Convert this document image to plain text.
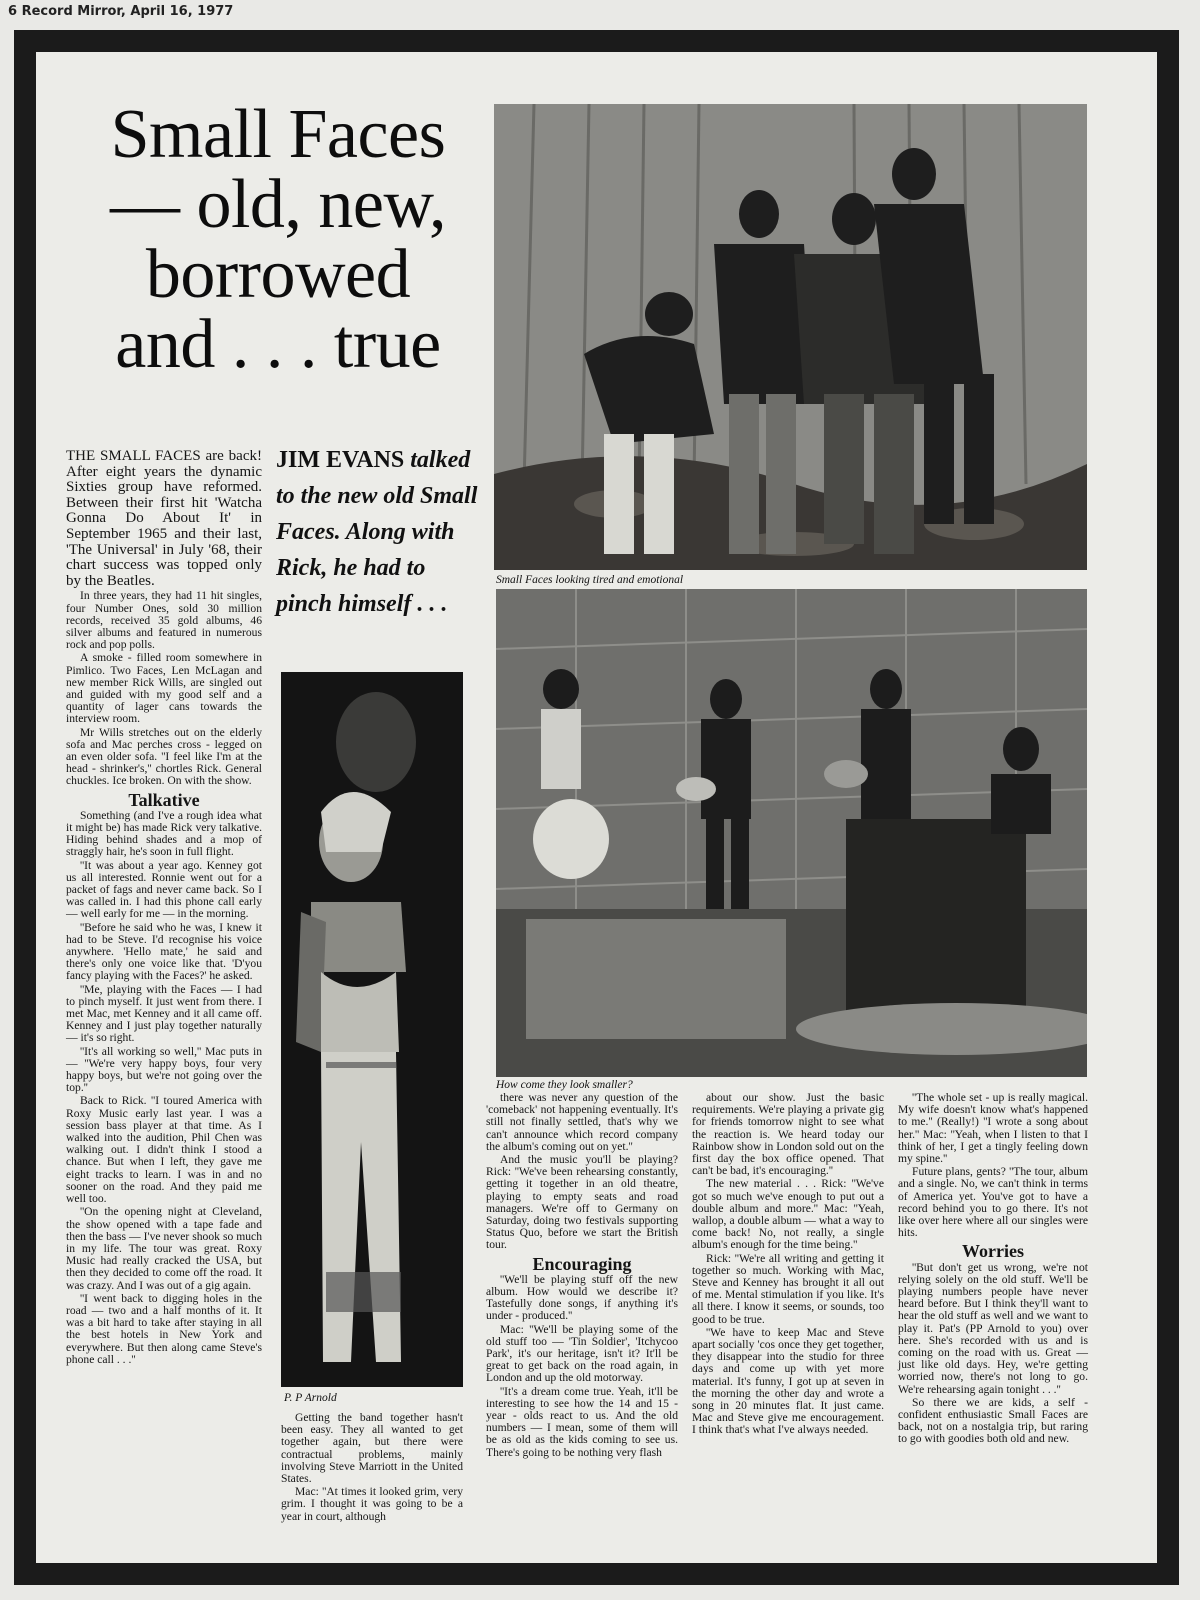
6 Record Mirror, April 16, 1977
Small Faces
— old, new,
borrowed
and . . . true
Small Faces looking tired and emotional
JIM EVANS talked to the new old Small Faces. Along with Rick, he had to pinch himself . . .
How come they look smaller?
P. P Arnold

THE SMALL FACES are back! After eight years the dynamic Sixties group have reformed. Between their first hit 'Watcha Gonna Do About It' in September 1965 and their last, 'The Universal' in July '68, their chart success was topped only by the Beatles.

In three years, they had 11 hit singles, four Number Ones, sold 30 million records, received 35 gold albums, 46 silver albums and featured in numerous rock and pop polls.

A smoke - filled room somewhere in Pimlico. Two Faces, Len McLagan and new member Rick Wills, are singled out and guided with my good self and a quantity of lager cans towards the interview room.

Mr Wills stretches out on the elderly sofa and Mac perches cross - legged on an even older sofa. ''I feel like I'm at the head - shrinker's,'' chortles Rick. General chuckles. Ice broken. On with the show.

Talkative

Something (and I've a rough idea what it might be) has made Rick very talkative. Hiding behind shades and a mop of straggly hair, he's soon in full flight.

''It was about a year ago. Kenney got us all interested. Ronnie went out for a packet of fags and never came back. So I was called in. I had this phone call early — well early for me — in the morning.

''Before he said who he was, I knew it had to be Steve. I'd recognise his voice anywhere. 'Hello mate,' he said and there's only one voice like that. 'D'you fancy playing with the Faces?' he asked.

''Me, playing with the Faces — I had to pinch myself. It just went from there. I met Mac, met Kenney and it all came off. Kenney and I just play together naturally — it's so right.

''It's all working so well,'' Mac puts in — ''We're very happy boys, four very happy boys, but we're not going over the top.''

Back to Rick. ''I toured America with Roxy Music early last year. I was a session bass player at that time. As I walked into the audition, Phil Chen was walking out. I didn't think I stood a chance. But when I left, they gave me eight tracks to learn. I was in and no sooner on the road. And they paid me well too.

''On the opening night at Cleveland, the show opened with a tape fade and then the bass — I've never shook so much in my life. The tour was great. Roxy Music had really cracked the USA, but then they decided to come off the road. It was crazy. And I was out of a gig again.

''I went back to digging holes in the road — two and a half months of it. It was a bit hard to take after staying in all the best hotels in New York and everywhere. But then along came Steve's phone call . . .''

Getting the band together hasn't been easy. They all wanted to get together again, but there were contractual problems, mainly involving Steve Marriott in the United States.

Mac: ''At times it looked grim, very grim. I thought it was going to be a year in court, although

there was never any question of the 'comeback' not happening eventually. It's still not finally settled, that's why we can't announce which record company the album's coming out on yet.''

And the music you'll be playing? Rick: ''We've been rehearsing constantly, getting it together in an old theatre, playing to empty seats and road managers. We're off to Germany on Saturday, doing two festivals supporting Status Quo, before we start the British tour.

Encouraging

''We'll be playing stuff off the new album. How would we describe it? Tastefully done songs, if anything it's under - produced.''

Mac: ''We'll be playing some of the old stuff too — 'Tin Soldier', 'Itchycoo Park', it's our heritage, isn't it? It'll be great to get back on the road again, in London and up the old motorway.

''It's a dream come true. Yeah, it'll be interesting to see how the 14 and 15 - year - olds react to us. And the old numbers — I mean, some of them will be as old as the kids coming to see us. There's going to be nothing very flash

about our show. Just the basic requirements. We're playing a private gig for friends tomorrow night to see what the reaction is. We heard today our Rainbow show in London sold out on the first day the box office opened. That can't be bad, it's encouraging.''

The new material . . . Rick: ''We've got so much we've enough to put out a double album and more.'' Mac: ''Yeah, wallop, a double album — what a way to come back! No, not really, a single album's enough for the time being.''

Rick: ''We're all writing and getting it together so much. Working with Mac, Steve and Kenney has brought it all out of me. Mental stimulation if you like. It's all there. I know it seems, or sounds, too good to be true.

''We have to keep Mac and Steve apart socially 'cos once they get together, they disappear into the studio for three days and come up with yet more material. It's funny, I got up at seven in the morning the other day and wrote a song in 20 minutes flat. It just came. Mac and Steve give me encouragement. I think that's what I've always needed.

''The whole set - up is really magical. My wife doesn't know what's happened to me.'' (Really!) ''I wrote a song about her.'' Mac: ''Yeah, when I listen to that I think of her, I get a tingly feeling down my spine.''

Future plans, gents? ''The tour, album and a single. No, we can't think in terms of America yet. You've got to have a record behind you to go there. It's not like over here where all our singles were hits.

Worries

''But don't get us wrong, we're not relying solely on the old stuff. We'll be playing numbers people have never heard before. But I think they'll want to hear the old stuff as well and we want to play it. Pat's (PP Arnold to you) over here. She's recorded with us and is coming on the road with us. Great — just like old days. Hey, we're getting worried now, there's not long to go. We're rehearsing again tonight . . .''

So there we are kids, a self - confident enthusiastic Small Faces are back, not on a nostalgia trip, but raring to go with goodies both old and new.
